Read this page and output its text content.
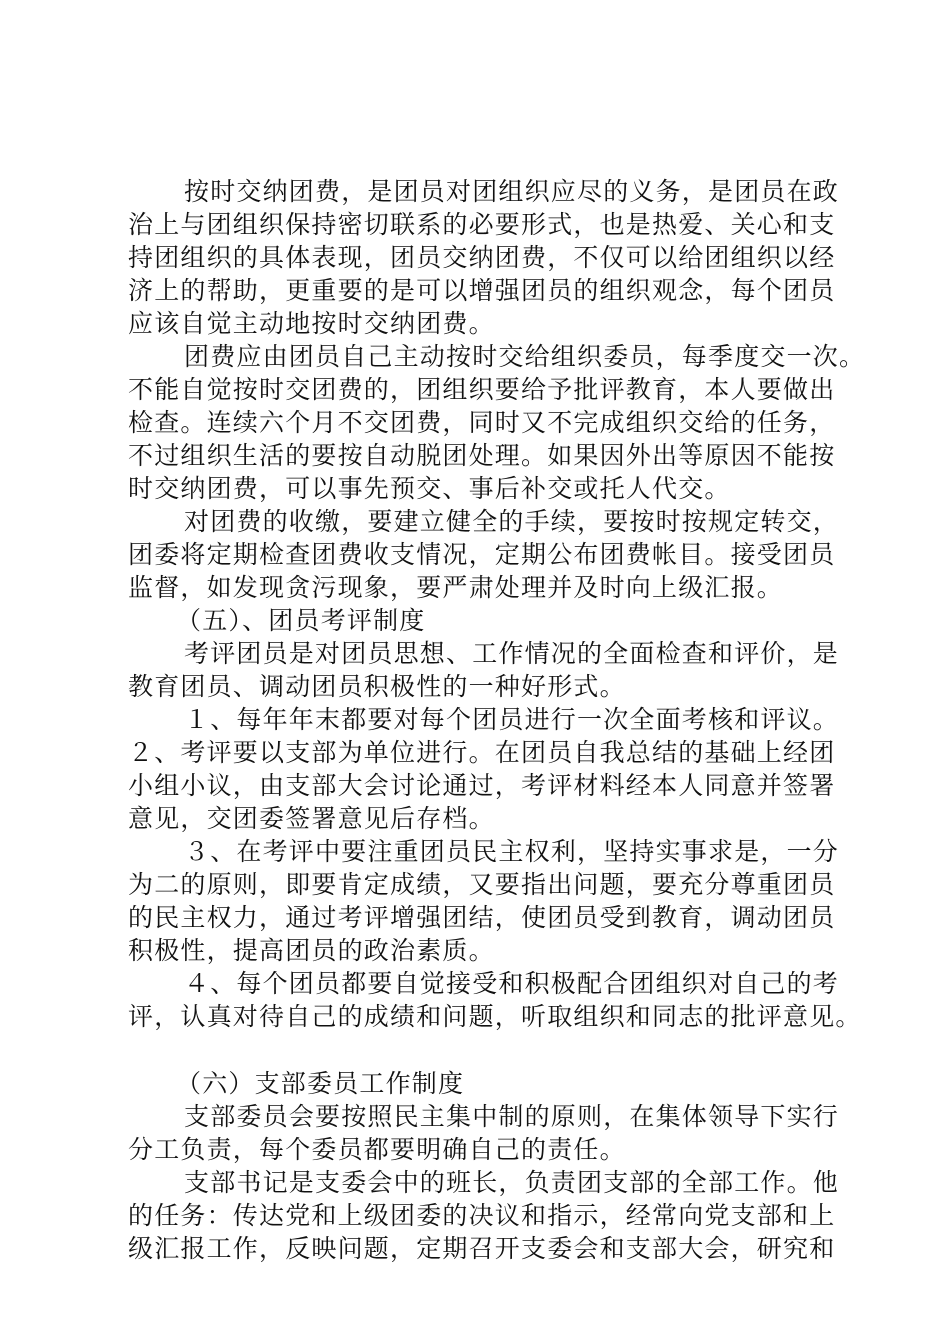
按时交纳团费，是团员对团组织应尽的义务，是团员在政
治上与团组织保持密切联系的必要形式，也是热爱、关心和支
持团组织的具体表现，团员交纳团费，不仅可以给团组织以经
济上的帮助，更重要的是可以增强团员的组织观念，每个团员
应该自觉主动地按时交纳团费。
团费应由团员自己主动按时交给组织委员，每季度交一次。
不能自觉按时交团费的，团组织要给予批评教育，本人要做出
检查。连续六个月不交团费，同时又不完成组织交给的任务，
不过组织生活的要按自动脱团处理。如果因外出等原因不能按
时交纳团费，可以事先预交、事后补交或托人代交。
对团费的收缴，要建立健全的手续，要按时按规定转交，
团委将定期检查团费收支情况，定期公布团费帐目。接受团员
监督，如发现贪污现象，要严肃处理并及时向上级汇报。
（五）、团员考评制度
考评团员是对团员思想、工作情况的全面检查和评价，是
教育团员、调动团员积极性的一种好形式。
１、每年年末都要对每个团员进行一次全面考核和评议。
２、考评要以支部为单位进行。在团员自我总结的基础上经团
小组小议，由支部大会讨论通过，考评材料经本人同意并签署
意见，交团委签署意见后存档。
３、在考评中要注重团员民主权利，坚持实事求是，一分
为二的原则，即要肯定成绩，又要指出问题，要充分尊重团员
的民主权力，通过考评增强团结，使团员受到教育，调动团员
积极性，提高团员的政治素质。
４、每个团员都要自觉接受和积极配合团组织对自己的考
评，认真对待自己的成绩和问题，听取组织和同志的批评意见。
（六）支部委员工作制度
支部委员会要按照民主集中制的原则，在集体领导下实行
分工负责，每个委员都要明确自己的责任。
支部书记是支委会中的班长，负责团支部的全部工作。他
的任务：传达党和上级团委的决议和指示，经常向党支部和上
级汇报工作，反映问题，定期召开支委会和支部大会，研究和
